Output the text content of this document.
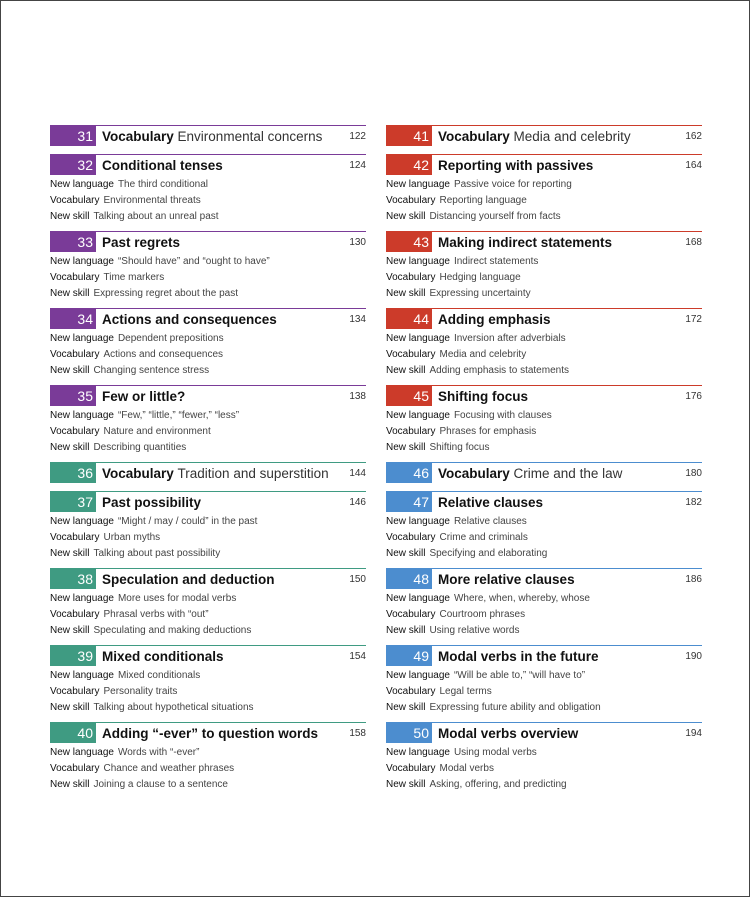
31 Vocabulary Environmental concerns	122
32 Conditional tenses	124
New language The third conditional
Vocabulary Environmental threats
New skill Talking about an unreal past
33 Past regrets	130
New language “Should have” and “ought to have”
Vocabulary Time markers
New skill Expressing regret about the past
34 Actions and consequences	134
New language Dependent prepositions
Vocabulary Actions and consequences
New skill Changing sentence stress
35 Few or little?	138
New language “Few,” “little,” “fewer,” “less”
Vocabulary Nature and environment
New skill Describing quantities
36 Vocabulary Tradition and superstition 144
37 Past possibility	146
New language “Might / may / could” in the past
Vocabulary Urban myths
New skill Talking about past possibility
38 Speculation and deduction	150
New language More uses for modal verbs
Vocabulary Phrasal verbs with “out”
New skill Speculating and making deductions
39 Mixed conditionals	154
New language Mixed conditionals
Vocabulary Personality traits
New skill Talking about hypothetical situations
40 Adding “-ever” to question words	158
New language Words with “-ever”
Vocabulary Chance and weather phrases
New skill Joining a clause to a sentence
41 Vocabulary Media and celebrity	162
42 Reporting with passives	164
New language Passive voice for reporting
Vocabulary Reporting language
New skill Distancing yourself from facts
43 Making indirect statements	168
New language Indirect statements
Vocabulary Hedging language
New skill Expressing uncertainty
44 Adding emphasis	172
New language Inversion after adverbials
Vocabulary Media and celebrity
New skill Adding emphasis to statements
45 Shifting focus	176
New language Focusing with clauses
Vocabulary Phrases for emphasis
New skill Shifting focus
46 Vocabulary Crime and the law	180
47 Relative clauses	182
New language Relative clauses
Vocabulary Crime and criminals
New skill Specifying and elaborating
48 More relative clauses	186
New language Where, when, whereby, whose
Vocabulary Courtroom phrases
New skill Using relative words
49 Modal verbs in the future	190
New language “Will be able to,” “will have to”
Vocabulary Legal terms
New skill Expressing future ability and obligation
50 Modal verbs overview	194
New language Using modal verbs
Vocabulary Modal verbs
New skill Asking, offering, and predicting
